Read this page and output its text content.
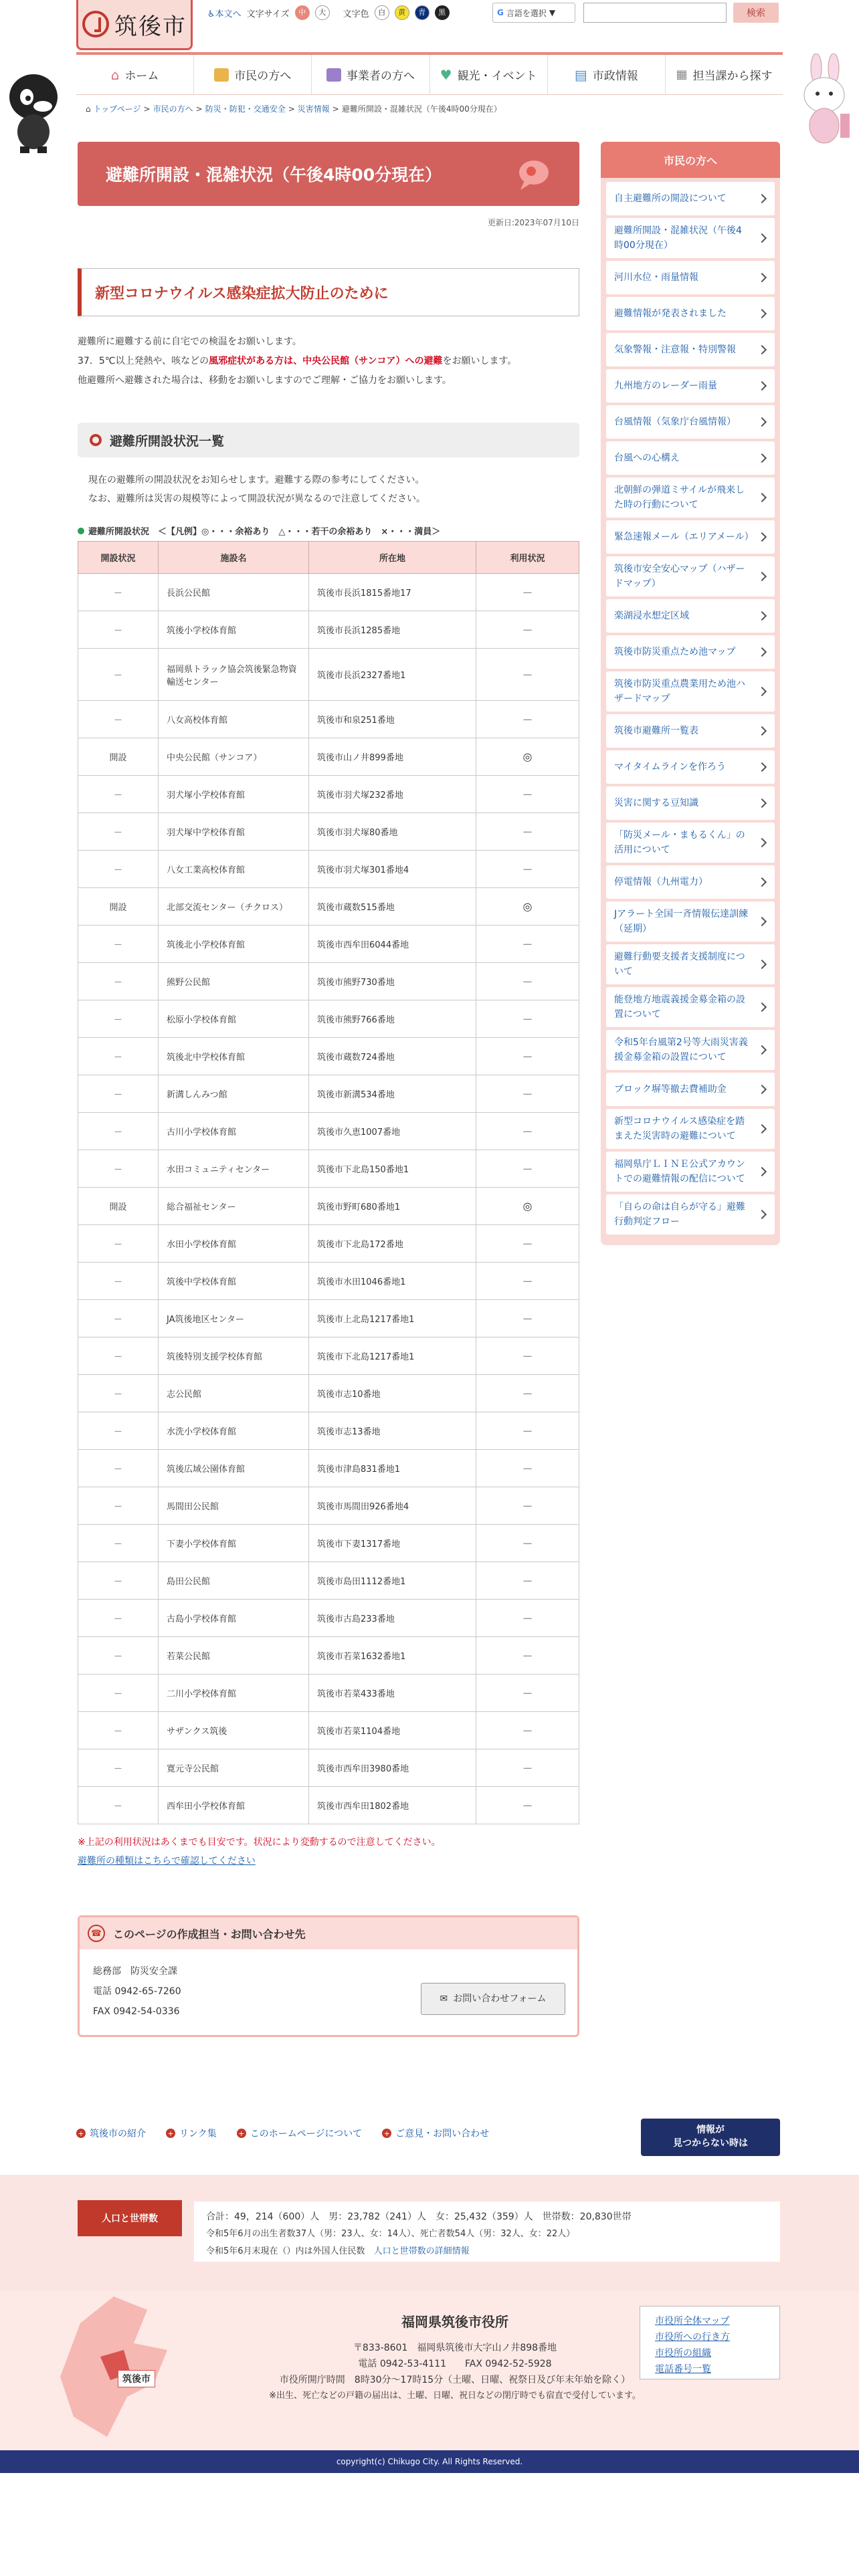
筑後市 ♿本文へ 文字サイズ	中	大	文字色	白	黄	青	黒	G 言語を選択 ▼	検索
⌂ ホーム	市民の方へ	事業者の方へ ♥ 観光・イベント	▤ 市政情報	▦ 担当課から探す
⌂ トップページ > 市民の方へ > 防災・防犯・交通安全 > 災害情報 > 避難所開設・混雑状況（午後4時00分現在）
避難所開設・混雑状況（午後4時00分現在）
更新日:2023年07月10日
新型コロナウイルス感染症拡大防止のために
避難所に避難する前に自宅での検温をお願いします。
37．5℃以上発熱や、咳などの風邪症状がある方は、中央公民館（サンコア）への避難をお願いします。
他避難所へ避難された場合は、移動をお願いしますのでご理解・ご協力をお願いします。
避難所開設状況一覧
現在の避難所の開設状況をお知らせします。避難する際の参考にしてください。
なお、避難所は災害の規模等によって開設状況が異なるので注意してください。
避難所開設状況　＜【凡例】◎・・・余裕あり　△・・・若干の余裕あり　×・・・満員＞
開設状況	施設名	所在地	利用状況
－	長浜公民館	筑後市長浜1815番地17	－
－	筑後小学校体育館	筑後市長浜1285番地	－
－	福岡県トラック協会筑後緊急物資輸送センター	筑後市長浜2327番地1	－
－	八女高校体育館	筑後市和泉251番地	－
開設	中央公民館（サンコア）	筑後市山ノ井899番地	◎
－	羽犬塚小学校体育館	筑後市羽犬塚232番地	－
－	羽犬塚中学校体育館	筑後市羽犬塚80番地	－
－	八女工業高校体育館	筑後市羽犬塚301番地4	－
開設	北部交流センター（チクロス）	筑後市蔵数515番地	◎
－	筑後北小学校体育館	筑後市西牟田6044番地	－
－	熊野公民館	筑後市熊野730番地	－
－	松原小学校体育館	筑後市熊野766番地	－
－	筑後北中学校体育館	筑後市蔵数724番地	－
－	新溝しんみつ館	筑後市新溝534番地	－
－	古川小学校体育館	筑後市久恵1007番地	－
－	水田コミュニティセンター	筑後市下北島150番地1	－
開設	総合福祉センター	筑後市野町680番地1	◎
－	水田小学校体育館	筑後市下北島172番地	－
－	筑後中学校体育館	筑後市水田1046番地1	－
－	JA筑後地区センター	筑後市上北島1217番地1	－
－	筑後特別支援学校体育館	筑後市下北島1217番地1	－
－	志公民館	筑後市志10番地	－
－	水洗小学校体育館	筑後市志13番地	－
－	筑後広域公園体育館	筑後市津島831番地1	－
－	馬間田公民館	筑後市馬間田926番地4	－
－	下妻小学校体育館	筑後市下妻1317番地	－
－	島田公民館	筑後市島田1112番地1	－
－	古島小学校体育館	筑後市古島233番地	－
－	若菜公民館	筑後市若菜1632番地1	－
－	二川小学校体育館	筑後市若菜433番地	－
－	サザンクス筑後	筑後市若菜1104番地	－
－	寛元寺公民館	筑後市西牟田3980番地	－
－	西牟田小学校体育館	筑後市西牟田1802番地	－
※上記の利用状況はあくまでも目安です。状況により変動するので注意してください。
避難所の種類はこちらで確認してください
☎	このページの作成担当・お問い合わせ先
総務部　防災安全課
電話 0942-65-7260
FAX 0942-54-0336
✉ お問い合わせフォーム
市民の方へ
自主避難所の開設について
避難所開設・混雑状況（午後4時00分現在）
河川水位・雨量情報
避難情報が発表されました
気象警報・注意報・特別警報
九州地方のレーダー雨量
台風情報（気象庁台風情報）
台風への心構え
北朝鮮の弾道ミサイルが飛来した時の行動について
緊急速報メール（エリアメール）
筑後市安全安心マップ（ハザードマップ）
楽湖浸水想定区域
筑後市防災重点ため池マップ
筑後市防災重点農業用ため池ハザードマップ
筑後市避難所一覧表
マイタイムラインを作ろう
災害に関する豆知識
「防災メール・まもるくん」の活用について
停電情報（九州電力）
Jアラート全国一斉情報伝達訓練（延期）
避難行動要支援者支援制度について
能登地方地震義援金募金箱の設置について
令和5年台風第2号等大雨災害義援金募金箱の設置について
ブロック塀等撤去費補助金
新型コロナウイルス感染症を踏まえた災害時の避難について
福岡県庁ＬＩＮＥ公式アカウントでの避難情報の配信について
「自らの命は自らが守る」避難行動判定フロー
+ 筑後市の紹介	+ リンク集	+ このホームページについて	+ ご意見・お問い合わせ	情報が
見つからない時は
人口と世帯数	合計：49，214（600）人　男：23,782（241）人　女：25,432（359）人　世帯数：20,830世帯
令和5年6月の出生者数37人（男：23人、女：14人）、死亡者数54人（男：32人、女：22人）
令和5年6月末現在（）内は外国人住民数　 人口と世帯数の詳細情報
筑後市
福岡県筑後市役所

〒833-8601　福岡県筑後市大字山ノ井898番地

電話 0942-53-4111　　FAX 0942-52-5928

市役所開庁時間　8時30分～17時15分（土曜、日曜、祝祭日及び年末年始を除く）

※出生、死亡などの戸籍の届出は、土曜、日曜、祝日などの閉庁時でも宿直で受付しています。

市役所全体マップ
市役所への行き方
市役所の組織
電話番号一覧
copyright(c) Chikugo City. All Rights Reserved.
